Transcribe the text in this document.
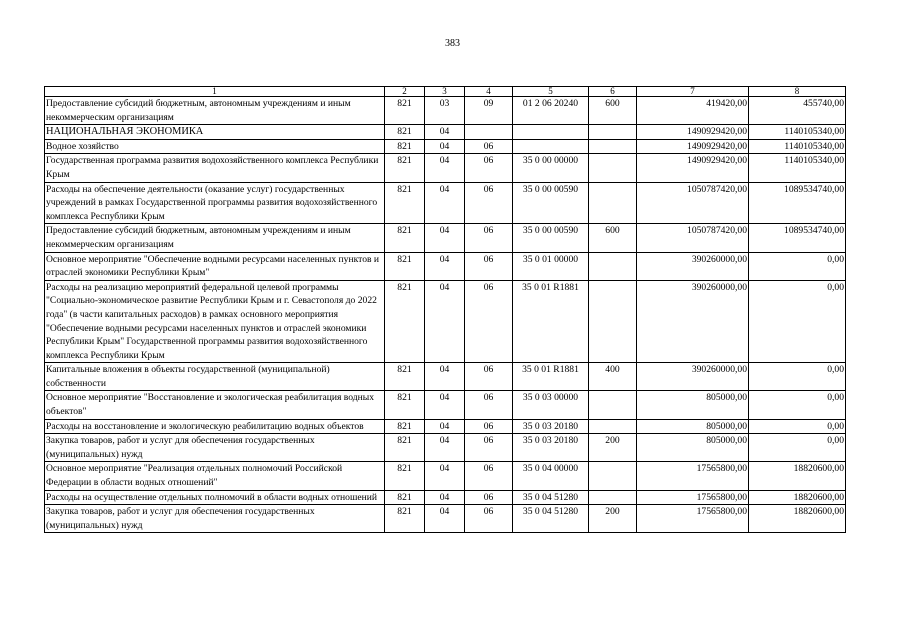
383
1	2	3	4	5	6	7	8
Предоставление субсидий бюджетным, автономным учреждениям и иным некоммерческим организациям	821	03	09	01 2 06 20240	600	419420,00	455740,00
НАЦИОНАЛЬНАЯ ЭКОНОМИКА	821	04				1490929420,00	1140105340,00
Водное хозяйство	821	04	06			1490929420,00	1140105340,00
Государственная программа развития водохозяйственного комплекса Республики Крым	821	04	06	35 0 00 00000		1490929420,00	1140105340,00
Расходы на обеспечение деятельности (оказание услуг) государственных учреждений в рамках Государственной программы развития водохозяйственного комплекса Республики Крым	821	04	06	35 0 00 00590		1050787420,00	1089534740,00
Предоставление субсидий бюджетным, автономным учреждениям и иным некоммерческим организациям	821	04	06	35 0 00 00590	600	1050787420,00	1089534740,00
Основное мероприятие "Обеспечение водными ресурсами населенных пунктов и отраслей экономики Республики Крым"	821	04	06	35 0 01 00000		390260000,00	0,00
Расходы на реализацию мероприятий федеральной целевой программы "Социально-экономическое развитие Республики Крым и г. Севастополя до 2022 года" (в части капитальных расходов) в рамках основного мероприятия "Обеспечение водными ресурсами населенных пунктов и отраслей экономики Республики Крым" Государственной программы развития водохозяйственного комплекса Республики Крым	821	04	06	35 0 01 R1881		390260000,00	0,00
Капитальные вложения в объекты государственной (муниципальной) собственности	821	04	06	35 0 01 R1881	400	390260000,00	0,00
Основное мероприятие "Восстановление и экологическая реабилитация водных объектов"	821	04	06	35 0 03 00000		805000,00	0,00
Расходы на восстановление и экологическую реабилитацию водных объектов	821	04	06	35 0 03 20180		805000,00	0,00
Закупка товаров, работ и услуг для обеспечения государственных (муниципальных) нужд	821	04	06	35 0 03 20180	200	805000,00	0,00
Основное мероприятие "Реализация отдельных полномочий Российской Федерации в области водных отношений"	821	04	06	35 0 04 00000		17565800,00	18820600,00
Расходы на осуществление отдельных полномочий в области водных отношений	821	04	06	35 0 04 51280		17565800,00	18820600,00
Закупка товаров, работ и услуг для обеспечения государственных (муниципальных) нужд	821	04	06	35 0 04 51280	200	17565800,00	18820600,00
